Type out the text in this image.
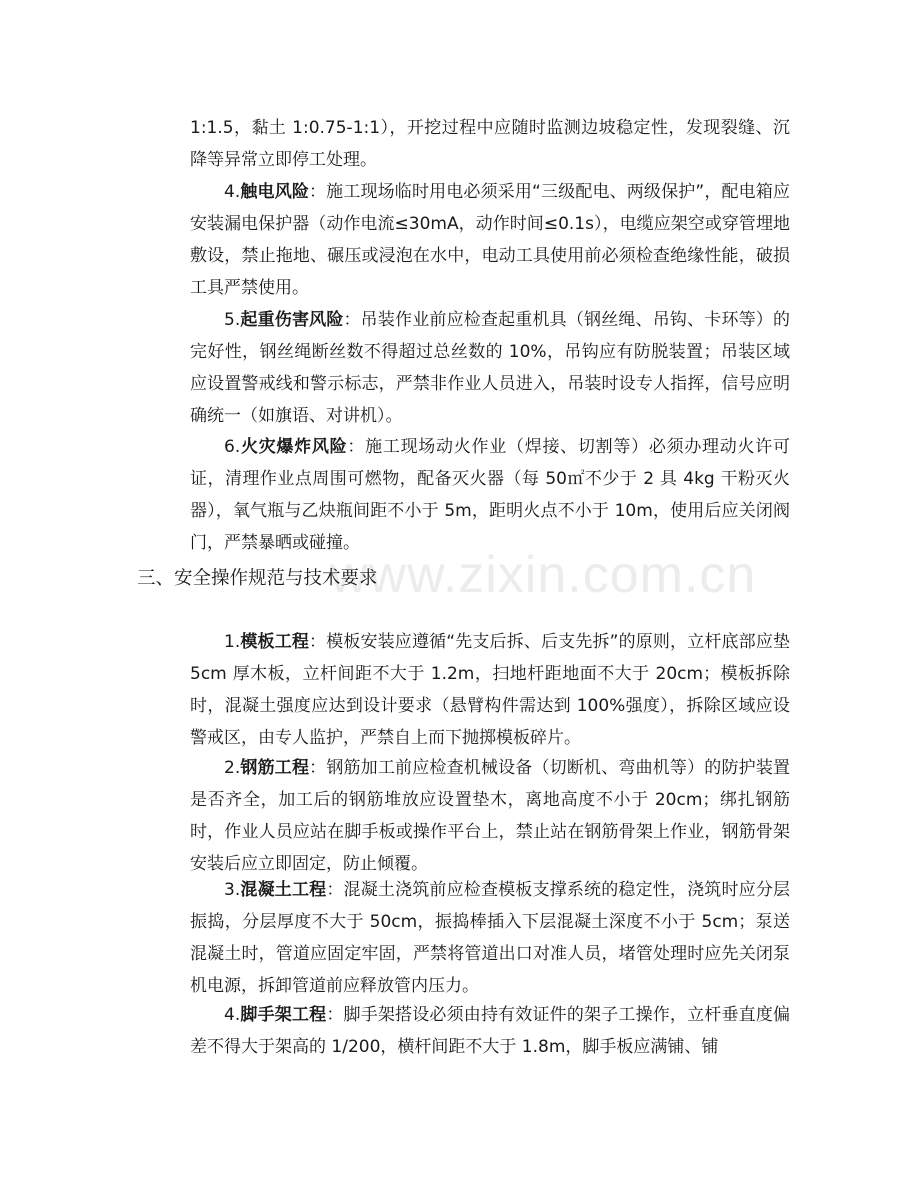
www.zixin.com.cn

1:1.5，黏土 1:0.75-1:1），开挖过程中应随时监测边坡稳定性，发现裂缝、沉降等异常立即停工处理。

4.触电风险：施工现场临时用电必须采用“三级配电、两级保护”，配电箱应安装漏电保护器（动作电流≤30mA，动作时间≤0.1s），电缆应架空或穿管埋地敷设，禁止拖地、碾压或浸泡在水中，电动工具使用前必须检查绝缘性能，破损工具严禁使用。

5.起重伤害风险：吊装作业前应检查起重机具（钢丝绳、吊钩、卡环等）的完好性，钢丝绳断丝数不得超过总丝数的 10%，吊钩应有防脱装置；吊装区域应设置警戒线和警示标志，严禁非作业人员进入，吊装时设专人指挥，信号应明确统一（如旗语、对讲机）。

6.火灾爆炸风险：施工现场动火作业（焊接、切割等）必须办理动火许可证，清理作业点周围可燃物，配备灭火器（每 50㎡不少于 2 具 4kg 干粉灭火器），氧气瓶与乙炔瓶间距不小于 5m，距明火点不小于 10m，使用后应关闭阀门，严禁暴晒或碰撞。

三、安全操作规范与技术要求

1.模板工程：模板安装应遵循“先支后拆、后支先拆”的原则，立杆底部应垫 5cm 厚木板，立杆间距不大于 1.2m，扫地杆距地面不大于 20cm；模板拆除时，混凝土强度应达到设计要求（悬臂构件需达到 100%强度），拆除区域应设警戒区，由专人监护，严禁自上而下抛掷模板碎片。

2.钢筋工程：钢筋加工前应检查机械设备（切断机、弯曲机等）的防护装置是否齐全，加工后的钢筋堆放应设置垫木，离地高度不小于 20cm；绑扎钢筋时，作业人员应站在脚手板或操作平台上，禁止站在钢筋骨架上作业，钢筋骨架安装后应立即固定，防止倾覆。

3.混凝土工程：混凝土浇筑前应检查模板支撑系统的稳定性，浇筑时应分层振捣，分层厚度不大于 50cm，振捣棒插入下层混凝土深度不小于 5cm；泵送混凝土时，管道应固定牢固，严禁将管道出口对准人员，堵管处理时应先关闭泵机电源，拆卸管道前应释放管内压力。

4.脚手架工程：脚手架搭设必须由持有效证件的架子工操作，立杆垂直度偏差不得大于架高的 1/200，横杆间距不大于 1.8m，脚手板应满铺、铺
